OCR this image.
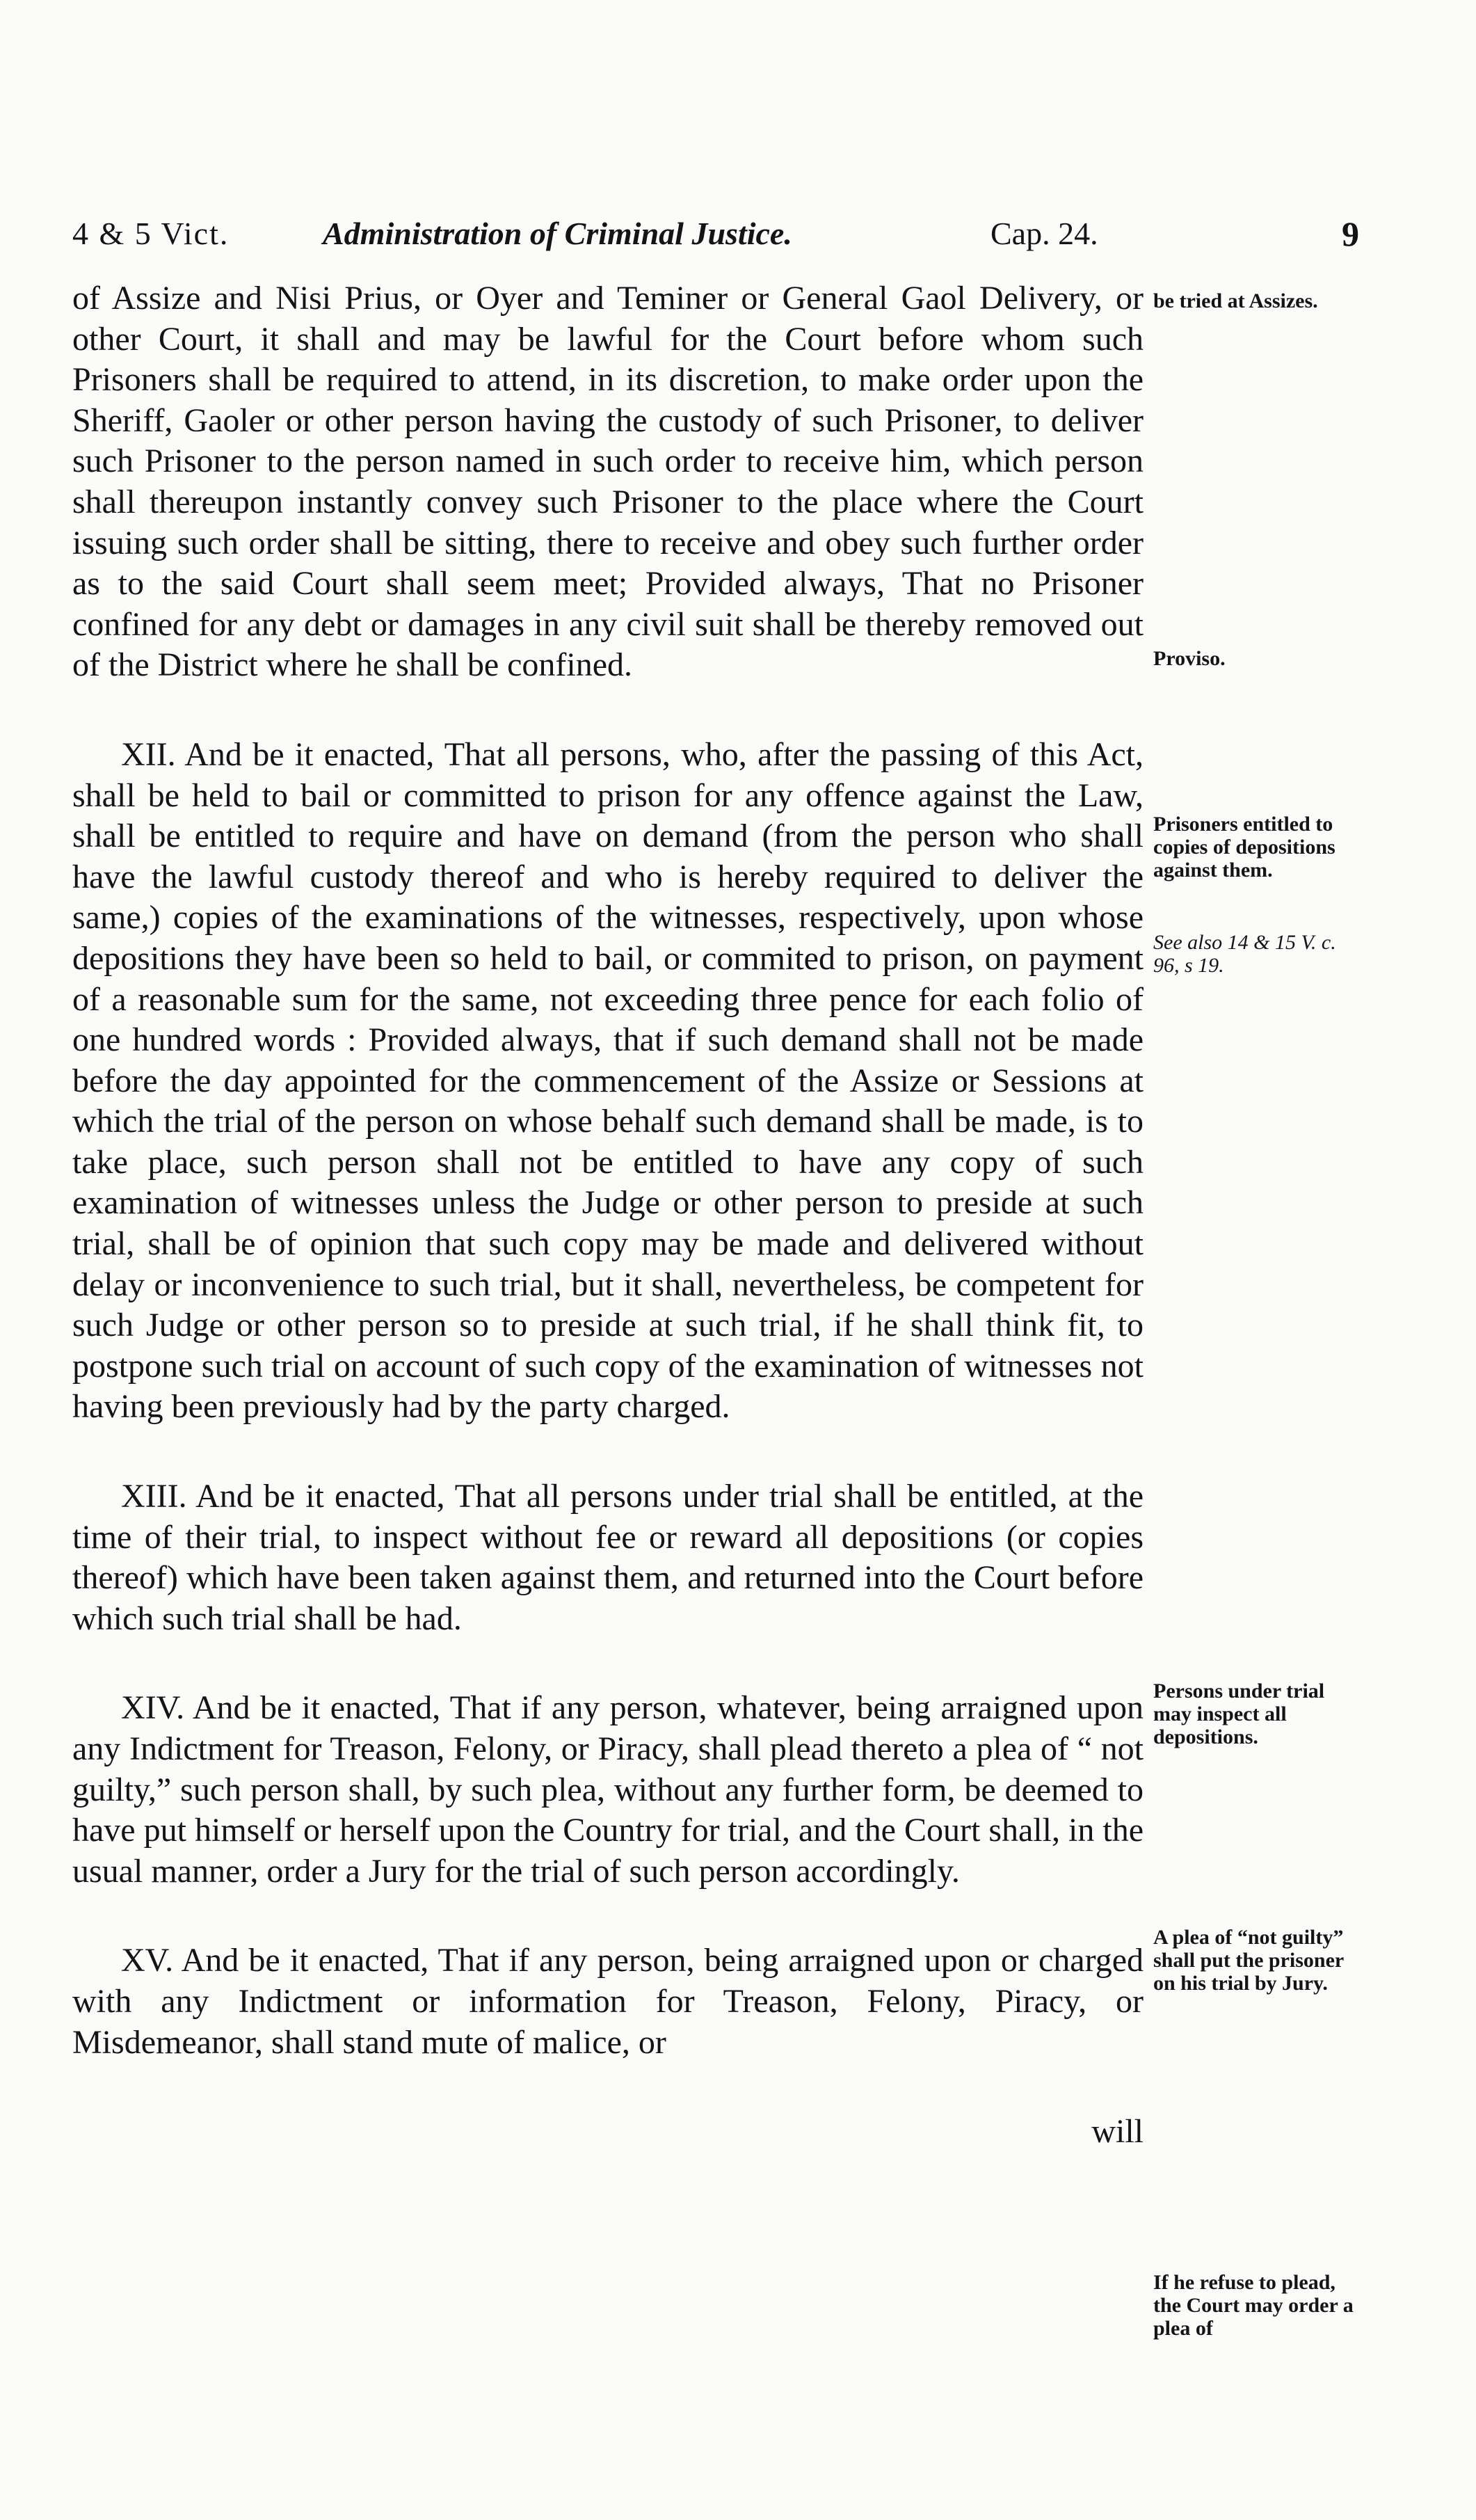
4 & 5 Vict.	Administration of Criminal Justice.	Cap. 24.	9

of Assize and Nisi Prius, or Oyer and Teminer or General Gaol Delivery, or other Court, it shall and may be lawful for the Court before whom such Prisoners shall be required to attend, in its discretion, to make order upon the Sheriff, Gaoler or other person having the custody of such Prisoner, to deliver such Prisoner to the person named in such order to receive him, which person shall thereupon instantly convey such Prisoner to the place where the Court issuing such order shall be sitting, there to receive and obey such further order as to the said Court shall seem meet; Provided always, That no Prisoner confined for any debt or damages in any civil suit shall be thereby removed out of the District where he shall be confined.

XII. And be it enacted, That all persons, who, after the passing of this Act, shall be held to bail or committed to prison for any offence against the Law, shall be entitled to require and have on demand (from the person who shall have the lawful custody thereof and who is hereby required to deliver the same,) copies of the examinations of the witnesses, respectively, upon whose depositions they have been so held to bail, or commited to prison, on payment of a reasonable sum for the same, not exceeding three pence for each folio of one hundred words : Provided always, that if such demand shall not be made before the day appointed for the commencement of the Assize or Sessions at which the trial of the person on whose behalf such demand shall be made, is to take place, such person shall not be entitled to have any copy of such examination of witnesses unless the Judge or other person to preside at such trial, shall be of opinion that such copy may be made and delivered without delay or inconvenience to such trial, but it shall, nevertheless, be competent for such Judge or other person so to preside at such trial, if he shall think fit, to postpone such trial on account of such copy of the examination of witnesses not having been previously had by the party charged.

XIII. And be it enacted, That all persons under trial shall be entitled, at the time of their trial, to inspect without fee or reward all depositions (or copies thereof) which have been taken against them, and returned into the Court before which such trial shall be had.

XIV. And be it enacted, That if any person, whatever, being arraigned upon any Indictment for Treason, Felony, or Piracy, shall plead thereto a plea of “ not guilty,” such person shall, by such plea, without any further form, be deemed to have put himself or herself upon the Country for trial, and the Court shall, in the usual manner, order a Jury for the trial of such person accordingly.

XV. And be it enacted, That if any person, being arraigned upon or charged with any Indictment or information for Treason, Felony, Piracy, or Misdemeanor, shall stand mute of malice, or

will
be tried at Assizes.
Proviso.
Prisoners entitled to copies of depositions against them.
See also 14 & 15 V. c. 96, s 19.
Persons under trial may inspect all depositions.
A plea of “not guilty” shall put the prisoner on his trial by Jury.
If he refuse to plead, the Court may order a plea of
